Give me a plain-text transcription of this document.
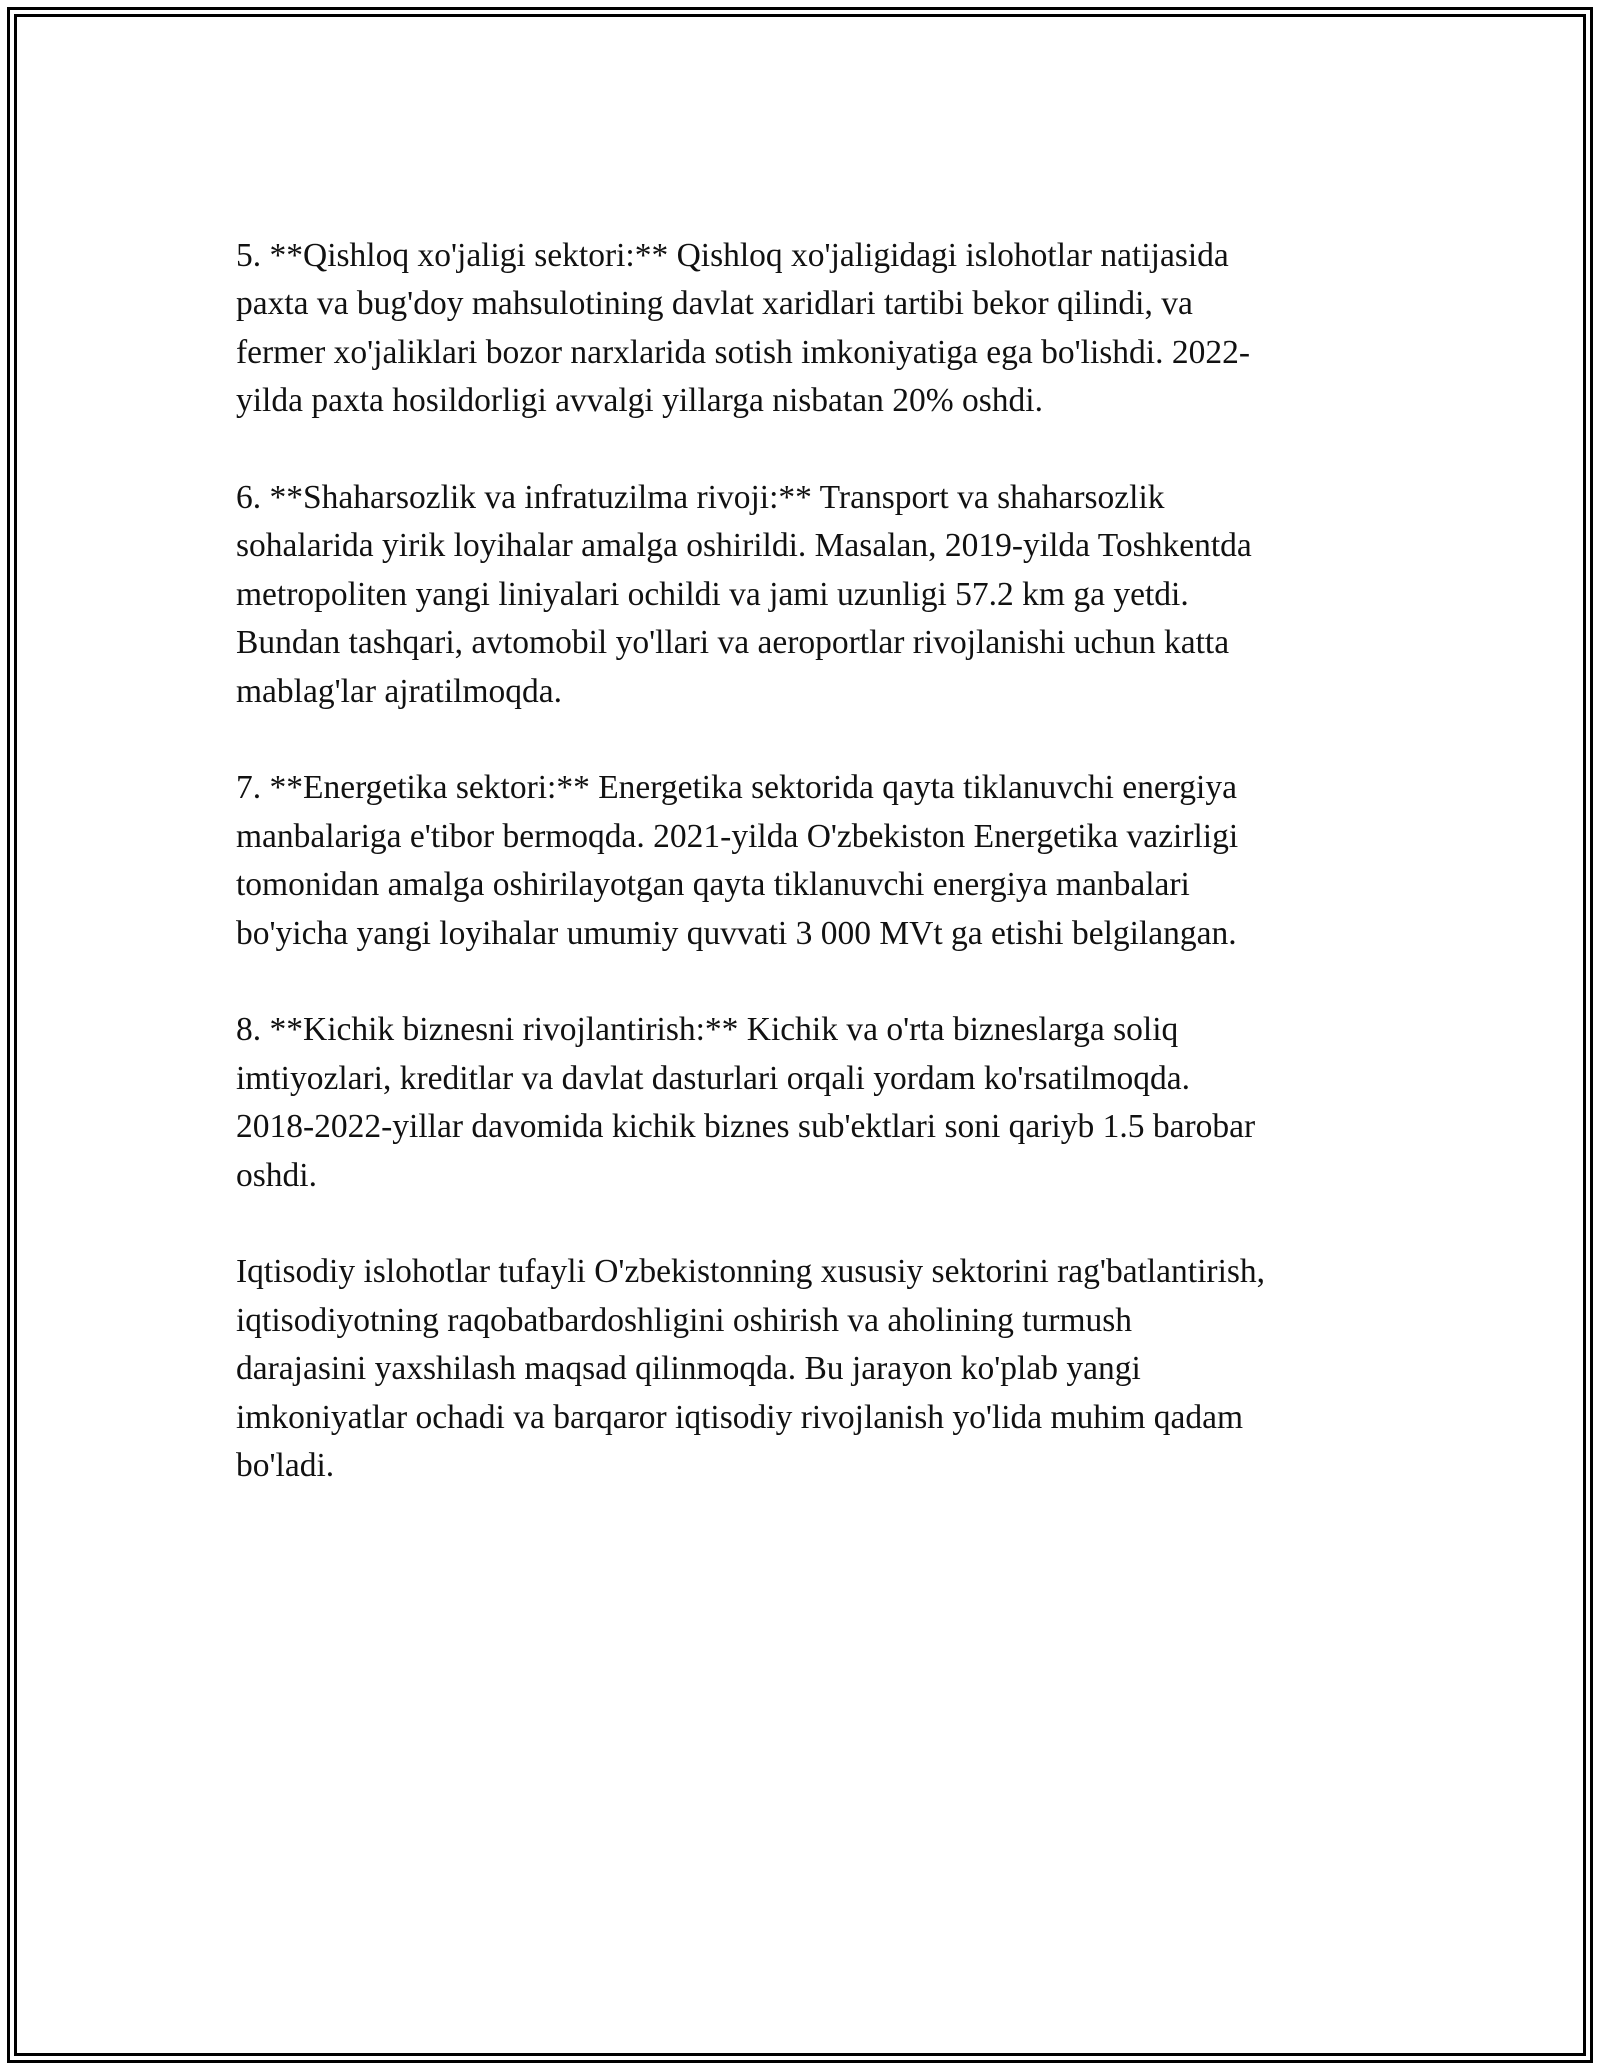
5. **Qishloq xo'jaligi sektori:** Qishloq xo'jaligidagi islohotlar natijasida
paxta va bug'doy mahsulotining davlat xaridlari tartibi bekor qilindi, va
fermer xo'jaliklari bozor narxlarida sotish imkoniyatiga ega bo'lishdi. 2022-
yilda paxta hosildorligi avvalgi yillarga nisbatan 20% oshdi.

6. **Shaharsozlik va infratuzilma rivoji:** Transport va shaharsozlik
sohalarida yirik loyihalar amalga oshirildi. Masalan, 2019-yilda Toshkentda
metropoliten yangi liniyalari ochildi va jami uzunligi 57.2 km ga yetdi.
Bundan tashqari, avtomobil yo'llari va aeroportlar rivojlanishi uchun katta
mablag'lar ajratilmoqda.

7. **Energetika sektori:** Energetika sektorida qayta tiklanuvchi energiya
manbalariga e'tibor bermoqda. 2021-yilda O'zbekiston Energetika vazirligi
tomonidan amalga oshirilayotgan qayta tiklanuvchi energiya manbalari
bo'yicha yangi loyihalar umumiy quvvati 3 000 MVt ga etishi belgilangan.

8. **Kichik biznesni rivojlantirish:** Kichik va o'rta bizneslarga soliq
imtiyozlari, kreditlar va davlat dasturlari orqali yordam ko'rsatilmoqda.
2018-2022-yillar davomida kichik biznes sub'ektlari soni qariyb 1.5 barobar
oshdi.

Iqtisodiy islohotlar tufayli O'zbekistonning xususiy sektorini rag'batlantirish,
iqtisodiyotning raqobatbardoshligini oshirish va aholining turmush
darajasini yaxshilash maqsad qilinmoqda. Bu jarayon ko'plab yangi
imkoniyatlar ochadi va barqaror iqtisodiy rivojlanish yo'lida muhim qadam
bo'ladi.
